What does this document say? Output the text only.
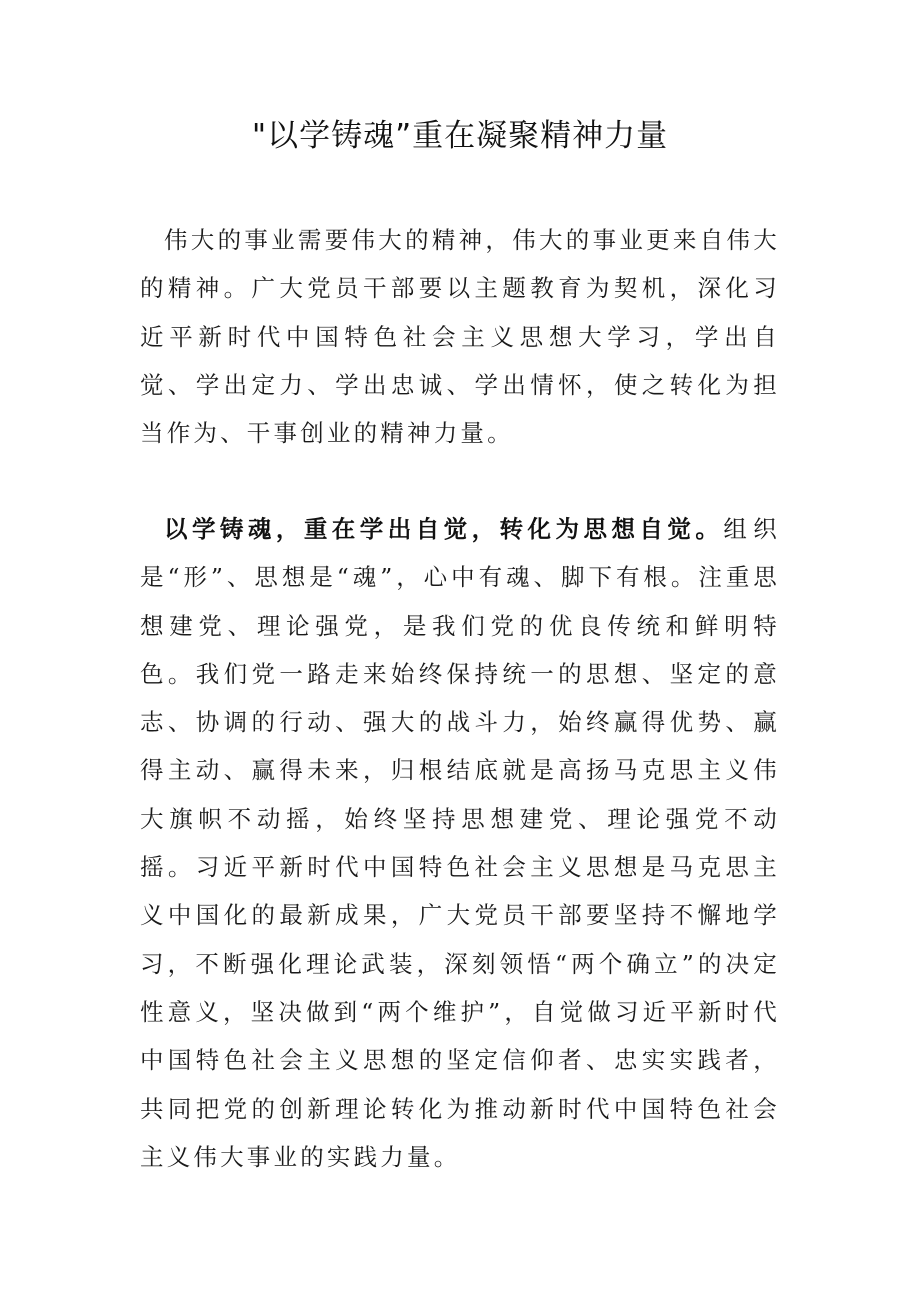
"以学铸魂”重在凝聚精神力量

伟大的事业需要伟大的精神，伟大的事业更来自伟大的精神。广大党员干部要以主题教育为契机，深化习近平新时代中国特色社会主义思想大学习，学出自觉、学出定力、学出忠诚、学出情怀，使之转化为担当作为、干事创业的精神力量。

以学铸魂，重在学出自觉，转化为思想自觉。组织是“形”、思想是“魂”，心中有魂、脚下有根。注重思想建党、理论强党，是我们党的优良传统和鲜明特色。我们党一路走来始终保持统一的思想、坚定的意志、协调的行动、强大的战斗力，始终赢得优势、赢得主动、赢得未来，归根结底就是高扬马克思主义伟大旗帜不动摇，始终坚持思想建党、理论强党不动摇。习近平新时代中国特色社会主义思想是马克思主义中国化的最新成果，广大党员干部要坚持不懈地学习，不断强化理论武装，深刻领悟“两个确立”的决定性意义，坚决做到“两个维护”，自觉做习近平新时代中国特色社会主义思想的坚定信仰者、忠实实践者，共同把党的创新理论转化为推动新时代中国特色社会主义伟大事业的实践力量。
